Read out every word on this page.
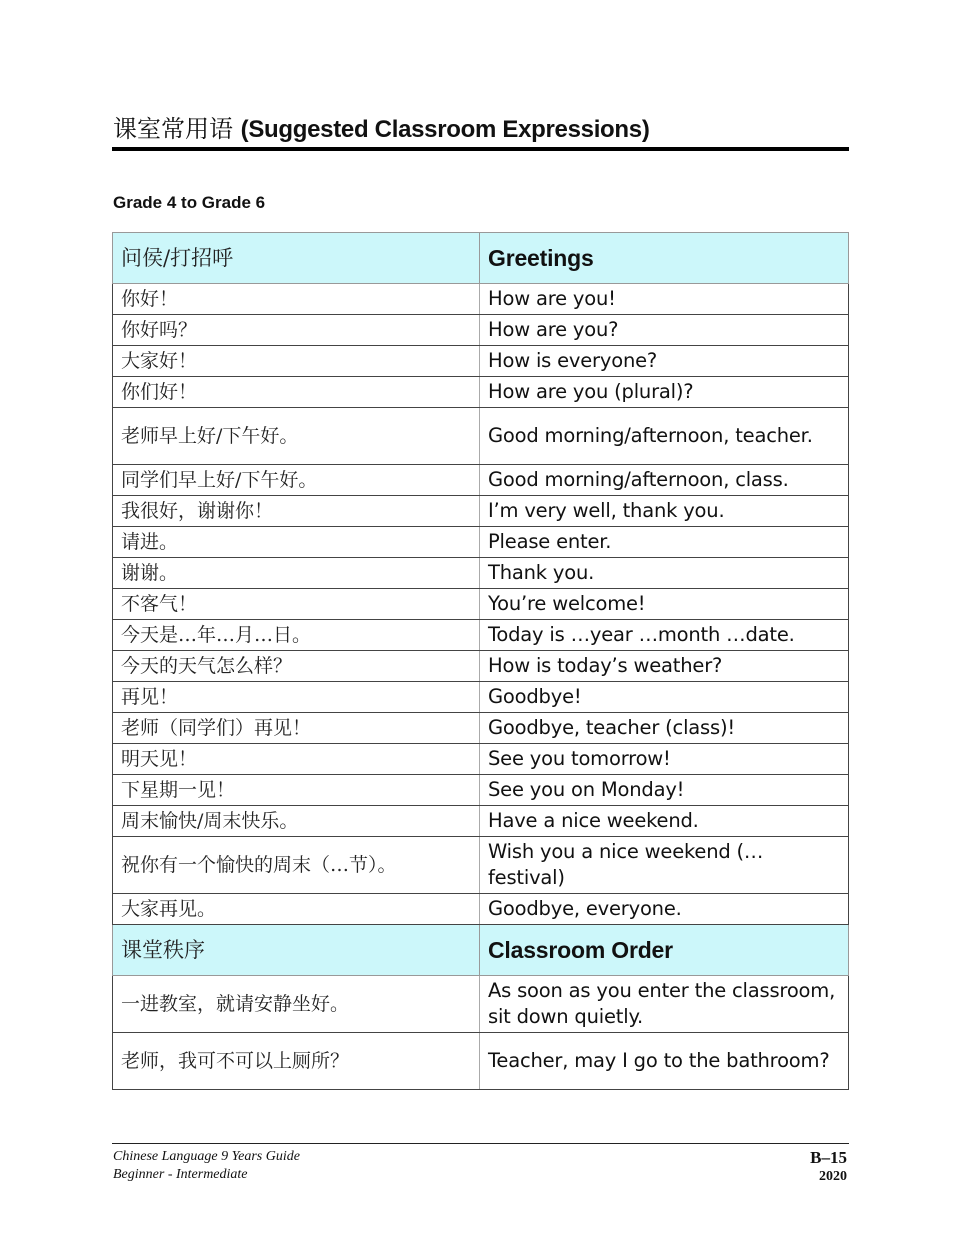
课室常用语 (Suggested Classroom Expressions)
Grade 4 to Grade 6
问侯/打招呼	Greetings
你好！	How are you!
你好吗？	How are you?
大家好！	How is everyone?
你们好！	How are you (plural)?
老师早上好/下午好。	Good morning/afternoon, teacher.
同学们早上好/下午好。	Good morning/afternoon, class.
我很好，谢谢你！	I’m very well, thank you.
请进。	Please enter.
谢谢。	Thank you.
不客气！	You’re welcome!
今天是…年…月…日。	Today is …year …month …date.
今天的天气怎么样？	How is today’s weather?
再见！	Goodbye!
老师（同学们）再见！	Goodbye, teacher (class)!
明天见！	See you tomorrow!
下星期一见！	See you on Monday!
周末愉快/周末快乐。	Have a nice weekend.
祝你有一个愉快的周末（…节）。	Wish you a nice weekend (… festival)
大家再见。	Goodbye, everyone.
课堂秩序	Classroom Order
一进教室，就请安静坐好。	As soon as you enter the classroom, sit down quietly.
老师，我可不可以上厕所？	Teacher, may I go to the bathroom?
Chinese Language 9 Years Guide
Beginner - Intermediate
B–15
2020
